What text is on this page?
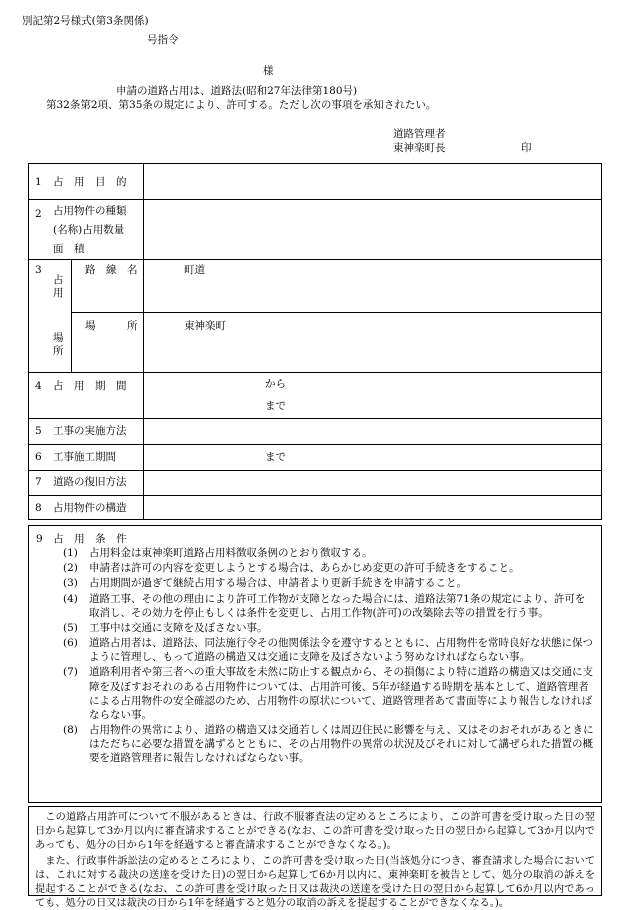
別記第2号様式(第3条関係)
号指令
様
申請の道路占用は、道路法(昭和27年法律第180号)
第32条第2項、第35条の規定により、許可する。ただし次の事項を承知されたい。
道路管理者
東神楽町長	印
1 占　用　目　的
2 占用物件の種類
(名称)占用数量
面　積
3
占用
場所
路　線　名	町道
場　　　所	東神楽町
4 占　用　期　間	から
まで
5 工事の実施方法
6 工事施工期間	まで
7 道路の復旧方法
8 占用物件の構造
9　占　用　条　件
(1) 占用料金は東神楽町道路占用料徴収条例のとおり徴収する。
(2) 申請者は許可の内容を変更しようとする場合は、あらかじめ変更の許可手続きをすること。
(3) 占用期間が過ぎて継続占用する場合は、申請者より更新手続きを申請すること。
(4) 道路工事、その他の理由により許可工作物が支障となった場合には、道路法第71条の規定により、許可を取消し、その効力を停止もしくは条件を変更し、占用工作物(許可)の改築除去等の措置を行う事。
(5) 工事中は交通に支障を及ぼさない事。
(6) 道路占用者は、道路法、同法施行令その他関係法令を遵守するとともに、占用物件を常時良好な状態に保つように管理し、もって道路の構造又は交通に支障を及ぼさないよう努めなければならない事。
(7) 道路利用者や第三者への重大事故を未然に防止する観点から、その損傷により特に道路の構造又は交通に支障を及ぼすおそれのある占用物件については、占用許可後、5年が経過する時期を基本として、道路管理者による占用物件の安全確認のため、占用物件の原状について、道路管理者あて書面等により報告しなければならない事。
(8) 占用物件の異常により、道路の構造又は交通若しくは周辺住民に影響を与え、又はそのおそれがあるときにはただちに必要な措置を講ずるとともに、その占用物件の異常の状況及びそれに対して講ぜられた措置の概要を道路管理者に報告しなければならない事。

この道路占用許可について不服があるときは、行政不服審査法の定めるところにより、この許可書を受け取った日の翌日から起算して3か月以内に審査請求することができる(なお、この許可書を受け取った日の翌日から起算して3か月以内であっても、処分の日から1年を経過すると審査請求することができなくなる。)。

また、行政事件訴訟法の定めるところにより、この許可書を受け取った日(当該処分につき、審査請求した場合においては、これに対する裁決の送達を受けた日)の翌日から起算して6か月以内に、東神楽町を被告として、処分の取消の訴えを提起することができる(なお、この許可書を受け取った日又は裁決の送達を受けた日の翌日から起算して6か月以内であっても、処分の日又は裁決の日から1年を経過すると処分の取消の訴えを提起することができなくなる。)。
